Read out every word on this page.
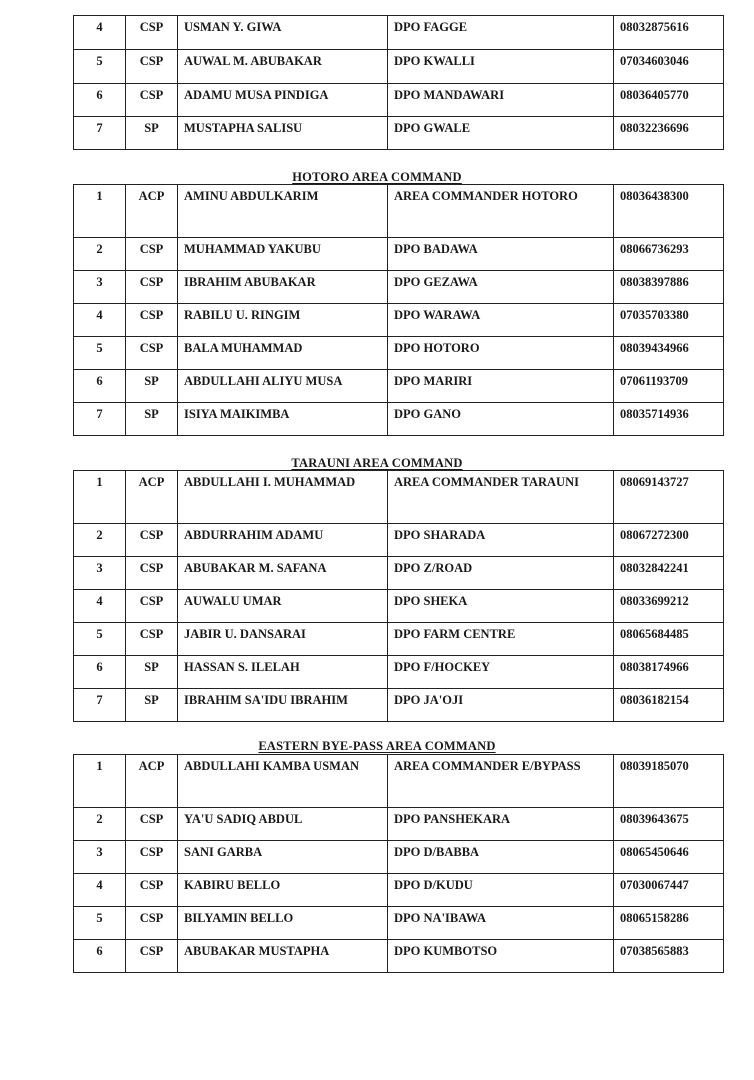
4	CSP	USMAN Y. GIWA	DPO FAGGE	08032875616
5	CSP	AUWAL M. ABUBAKAR	DPO KWALLI	07034603046
6	CSP	ADAMU MUSA PINDIGA	DPO MANDAWARI	08036405770
7	SP	MUSTAPHA SALISU	DPO GWALE	08032236696
HOTORO AREA COMMAND
1	ACP	AMINU ABDULKARIM	AREA COMMANDER HOTORO	08036438300
2	CSP	MUHAMMAD YAKUBU	DPO BADAWA	08066736293
3	CSP	IBRAHIM ABUBAKAR	DPO GEZAWA	08038397886
4	CSP	RABILU U. RINGIM	DPO WARAWA	07035703380
5	CSP	BALA MUHAMMAD	DPO HOTORO	08039434966
6	SP	ABDULLAHI ALIYU MUSA	DPO MARIRI	07061193709
7	SP	ISIYA MAIKIMBA	DPO GANO	08035714936
TARAUNI AREA COMMAND
1	ACP	ABDULLAHI I. MUHAMMAD	AREA COMMANDER TARAUNI	08069143727
2	CSP	ABDURRAHIM ADAMU	DPO SHARADA	08067272300
3	CSP	ABUBAKAR M. SAFANA	DPO Z/ROAD	08032842241
4	CSP	AUWALU UMAR	DPO SHEKA	08033699212
5	CSP	JABIR U. DANSARAI	DPO FARM CENTRE	08065684485
6	SP	HASSAN S. ILELAH	DPO F/HOCKEY	08038174966
7	SP	IBRAHIM SA'IDU IBRAHIM	DPO JA'OJI	08036182154
EASTERN BYE-PASS AREA COMMAND
1	ACP	ABDULLAHI KAMBA USMAN	AREA COMMANDER E/BYPASS	08039185070
2	CSP	YA'U SADIQ ABDUL	DPO PANSHEKARA	08039643675
3	CSP	SANI GARBA	DPO D/BABBA	08065450646
4	CSP	KABIRU BELLO	DPO D/KUDU	07030067447
5	CSP	BILYAMIN BELLO	DPO NA'IBAWA	08065158286
6	CSP	ABUBAKAR MUSTAPHA	DPO KUMBOTSO	07038565883
